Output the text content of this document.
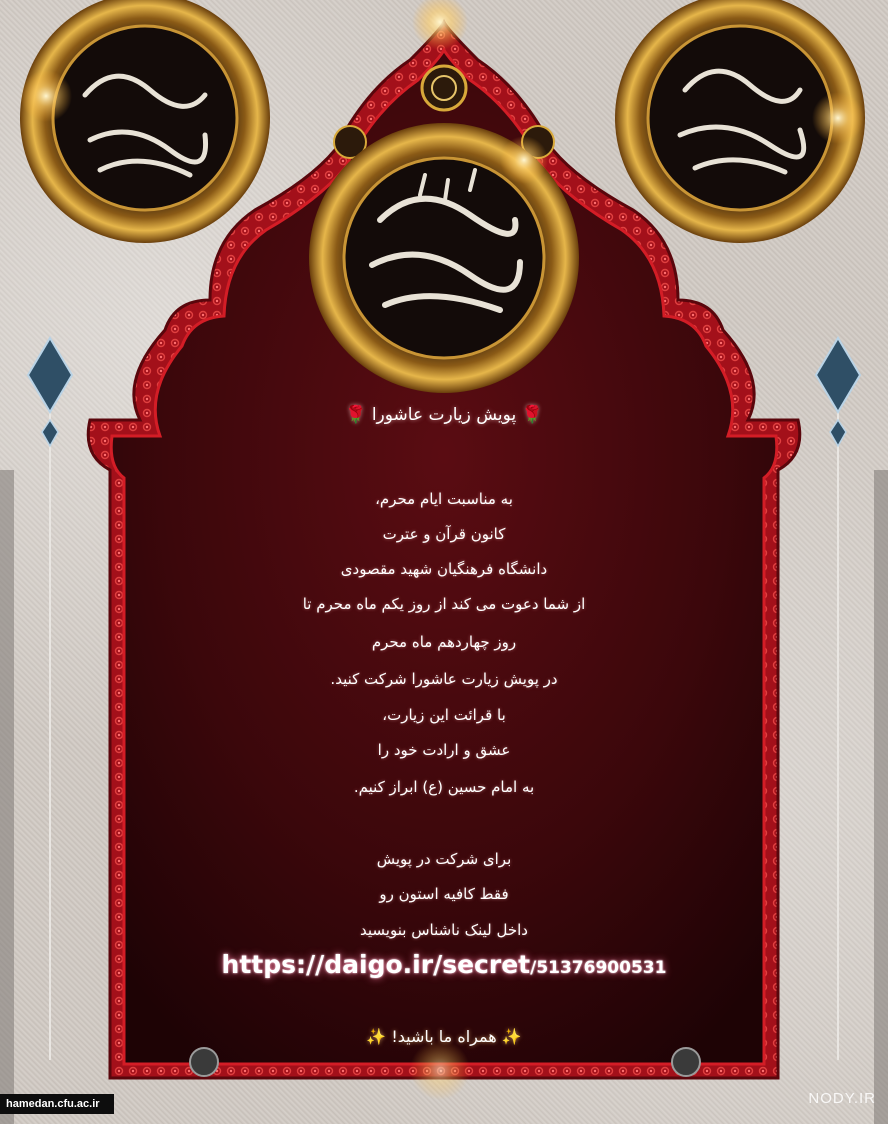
🌹 پویش زیارت عاشورا 🌹
به مناسبت ایام محرم،
کانون قرآن و عترت
دانشگاه فرهنگیان شهید مقصودی
از شما دعوت می کند از روز یکم ماه محرم تا
روز چهاردهم ماه محرم
در پویش زیارت عاشورا شرکت کنید.
با قرائت این زیارت،
عشق و ارادت خود را
به امام حسین (ع) ابراز کنیم.
برای شرکت در پویش
فقط کافیه استون رو
داخل لینک ناشناس بنویسید
https://daigo.ir/secret/51376900531
✨ همراه ما باشید! ✨
hamedan.cfu.ac.ir	NODY.IR
